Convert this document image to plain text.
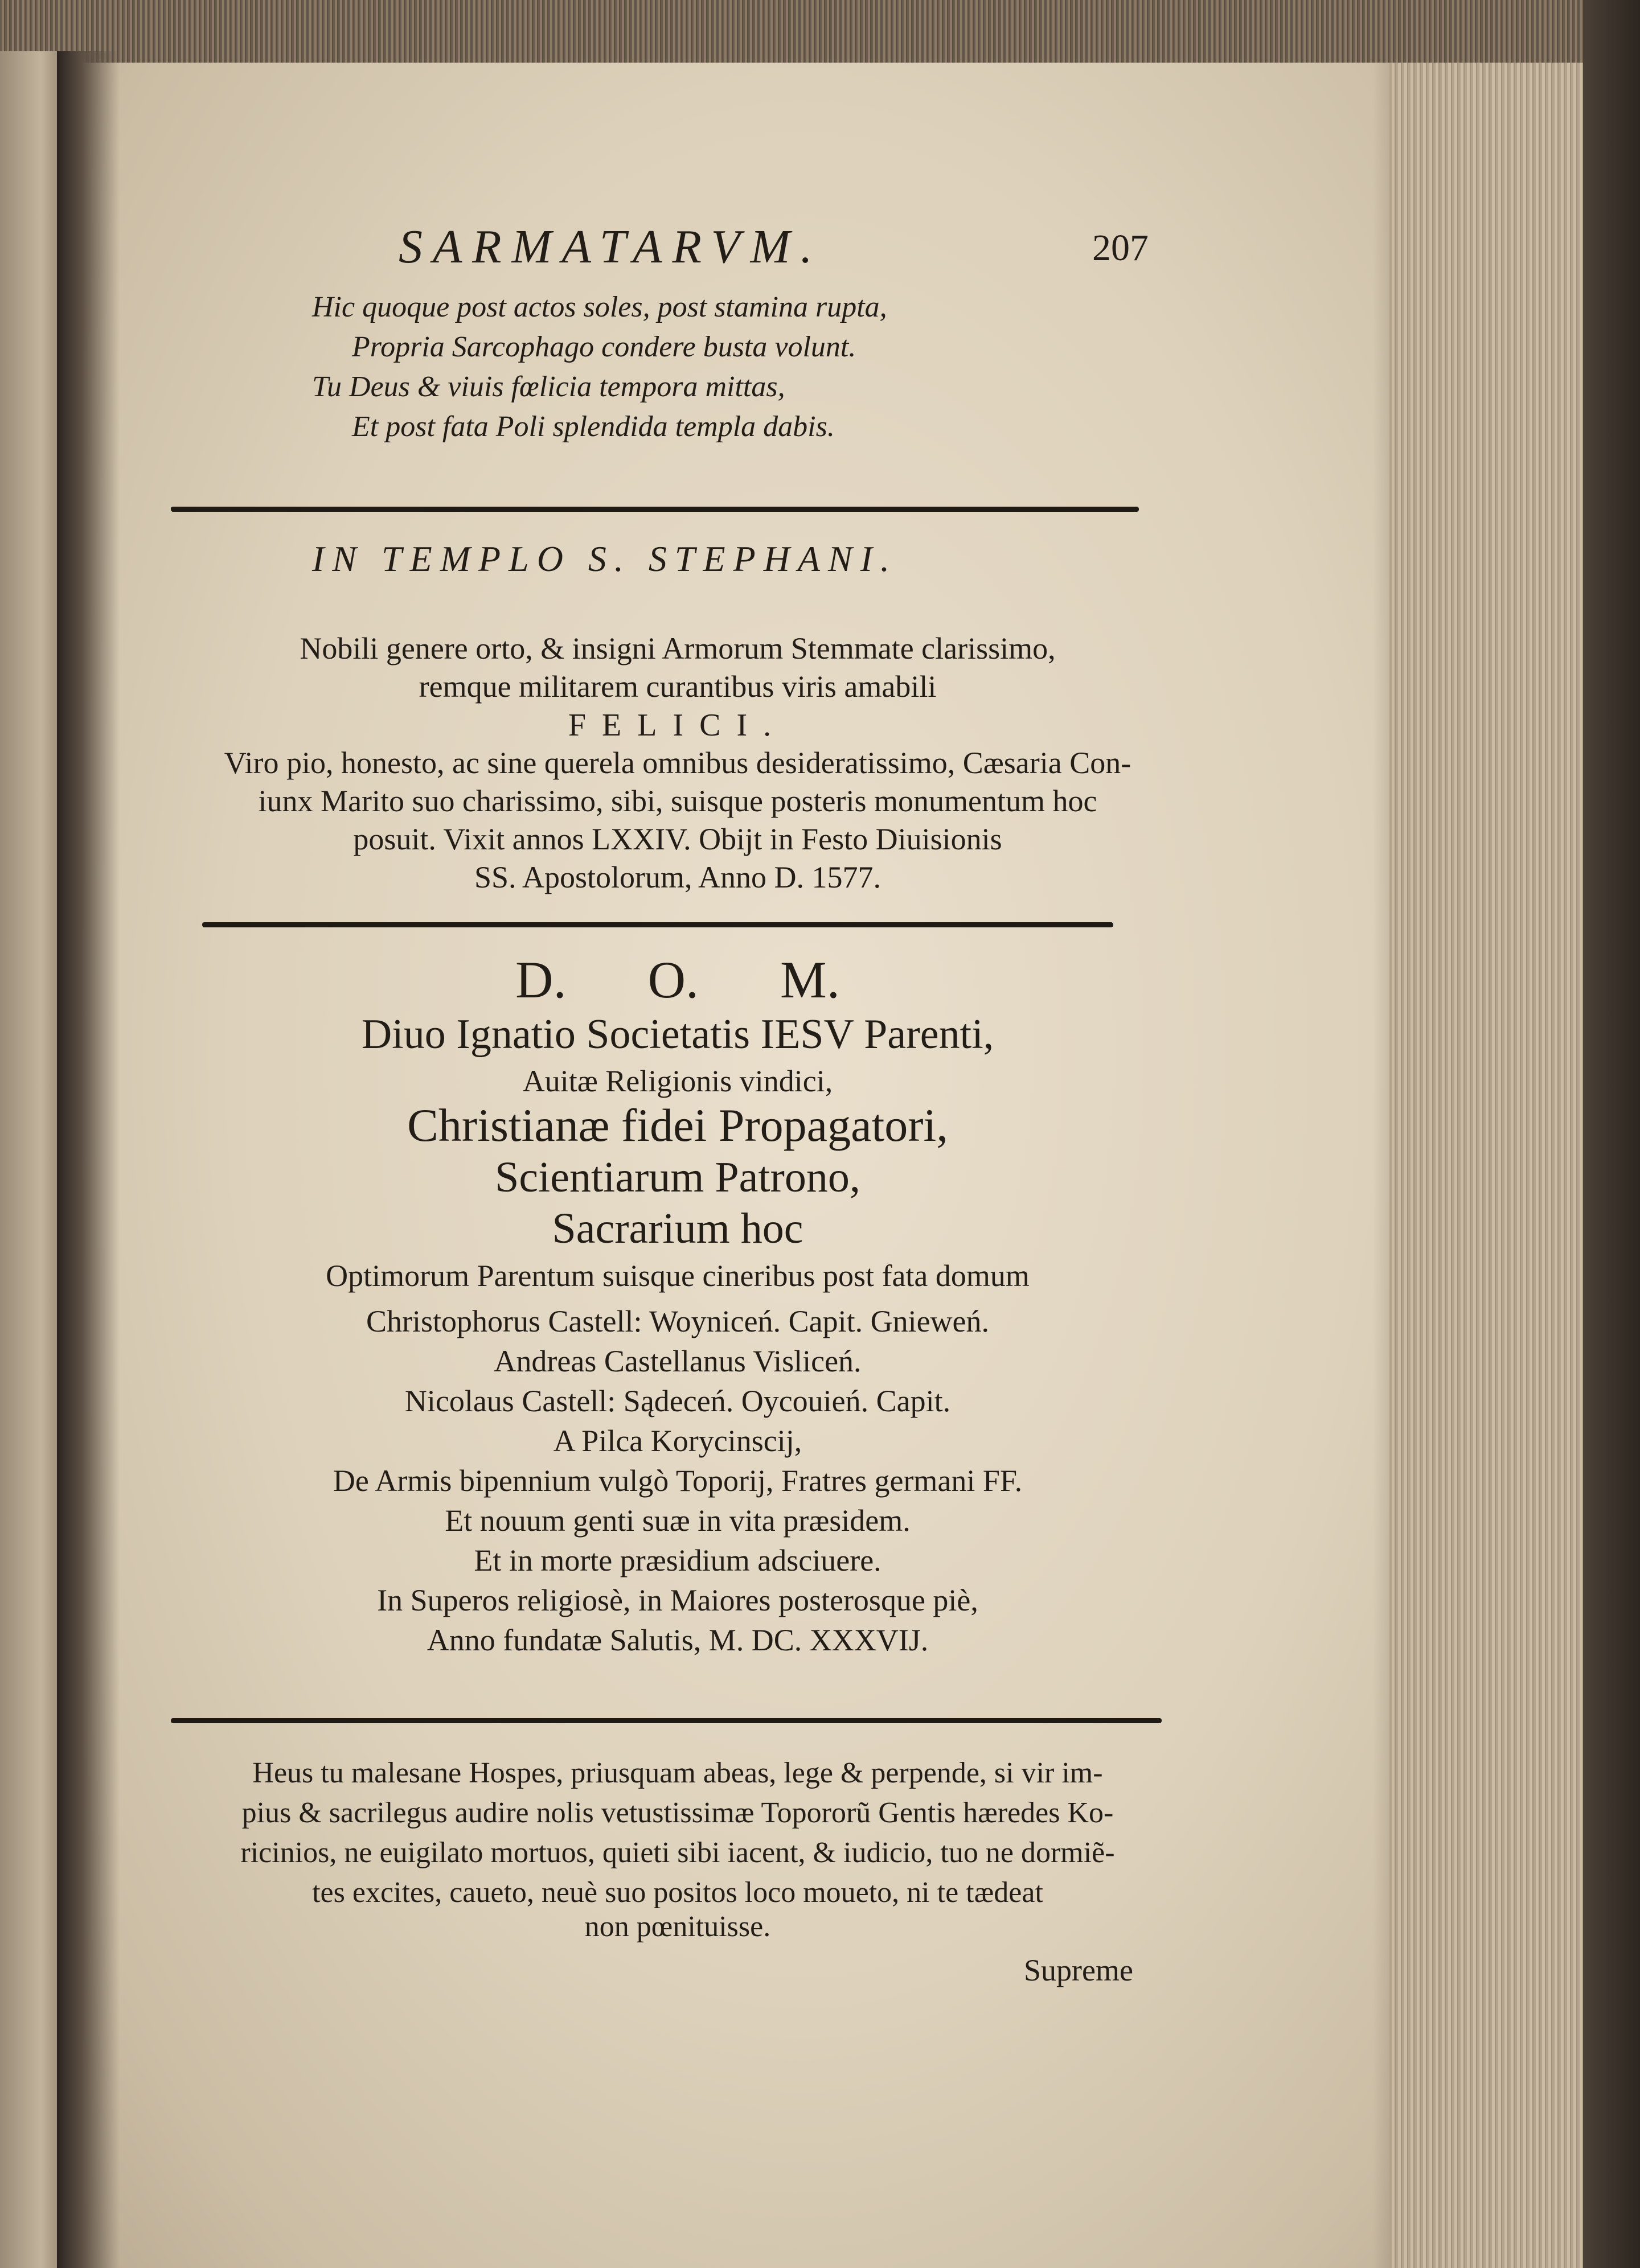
SARMATARVM.	207
Hic quoque post actos soles, post stamina rupta,
Propria Sarcophago condere busta volunt.
Tu Deus & viuis fœlicia tempora mittas,
Et post fata Poli splendida templa dabis.
IN TEMPLO S. STEPHANI.
Nobili genere orto, & insigni Armorum Stemmate clarissimo,
remque militarem curantibus viris amabili
FELICI.
Viro pio, honesto, ac sine querela omnibus desideratissimo, Cæsaria Con-
iunx Marito suo charissimo, sibi, suisque posteris monumentum hoc
posuit. Vixit annos LXXIV. Obijt in Festo Diuisionis
SS. Apostolorum, Anno D. 1577.
D. O. M.
Diuo Ignatio Societatis IESV Parenti,
Auitæ Religionis vindici,
Christianæ fidei Propagatori,
Scientiarum Patrono,
Sacrarium hoc
Optimorum Parentum suisque cineribus post fata domum
Christophorus Castell: Woyniceń. Capit. Gnieweń.
Andreas Castellanus Visliceń.
Nicolaus Castell: Sądeceń. Oycouień. Capit.
A Pilca Korycinscij,
De Armis bipennium vulgò Toporij, Fratres germani FF.
Et nouum genti suæ in vita præsidem.
Et in morte præsidium adsciuere.
In Superos religiosè, in Maiores posterosque piè,
Anno fundatæ Salutis, M. DC. XXXVIJ.
Heus tu malesane Hospes, priusquam abeas, lege & perpende, si vir im-
pius & sacrilegus audire nolis vetustissimæ Topororũ Gentis hæredes Ko-
ricinios, ne euigilato mortuos, quieti sibi iacent, & iudicio, tuo ne dormiẽ-
tes excites, caueto, neuè suo positos loco moueto, ni te tædeat
non pœnituisse.
Supreme
